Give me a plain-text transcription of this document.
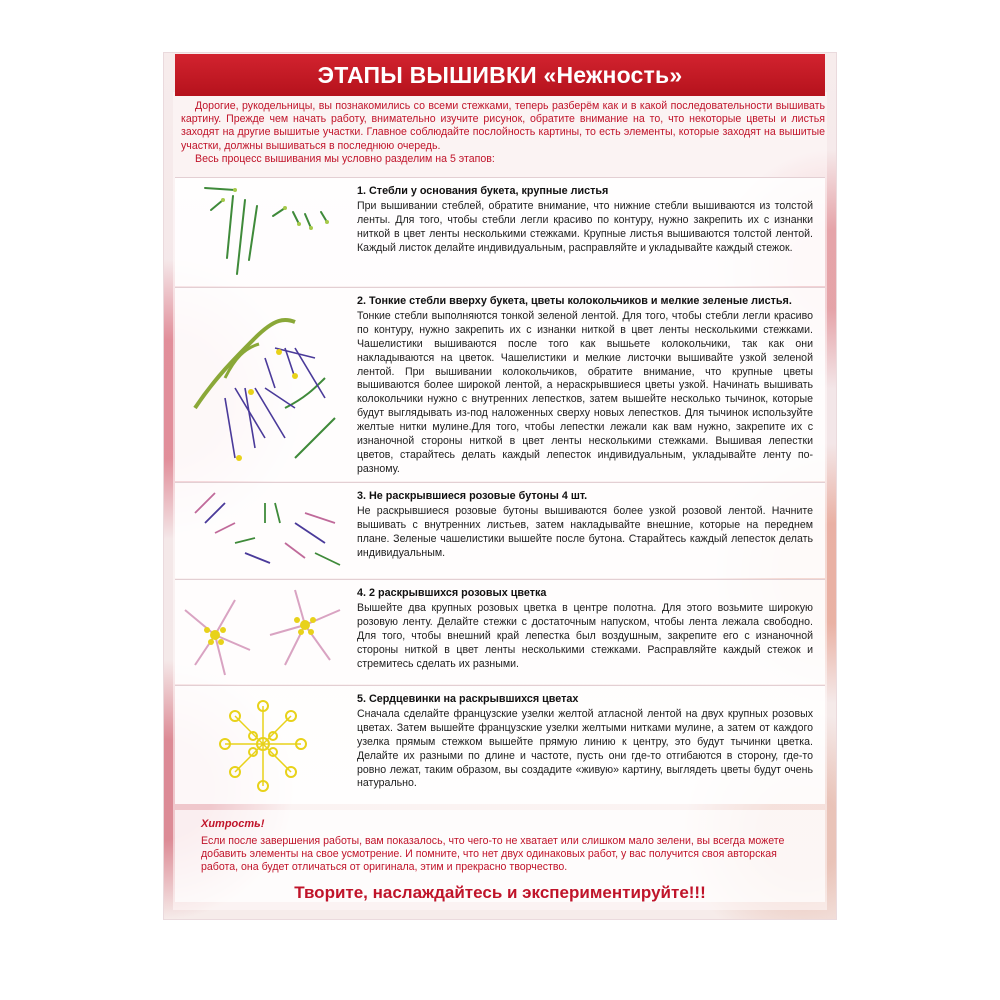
ЭТАПЫ ВЫШИВКИ «Нежность»

Дорогие, рукодельницы, вы познакомились со всеми стежками, теперь разберём как и в какой последовательности вышивать картину. Прежде чем начать работу, внимательно изучите рисунок, обратите внимание на то, что некоторые цветы и листья заходят на другие вышитые участки. Главное соблюдайте послойность картины, то есть элементы, которые заходят на вышитые участки, должны вышиваться в последнюю очередь.

Весь процесс вышивания мы условно разделим на 5 этапов:

1. Стебли у основания букета, крупные листья

При вышивании стеблей, обратите внимание, что нижние стебли вышиваются из толстой ленты. Для того, чтобы стебли легли красиво по контуру, нужно закрепить их с изнанки ниткой в цвет ленты несколькими стежками. Крупные листья вышиваются толстой лентой. Каждый листок делайте индивидуальным, расправляйте и укладывайте каждый стежок.

2. Тонкие стебли вверху букета, цветы колокольчиков и мелкие зеленые листья.

Тонкие стебли выполняются тонкой зеленой лентой. Для того, чтобы стебли легли красиво по контуру, нужно закрепить их с изнанки ниткой в цвет ленты несколькими стежками. Чашелистики вышиваются после того как вышьете колокольчики, так как они накладываются на цветок. Чашелистики и мелкие листочки вышивайте узкой зеленой лентой. При вышивании колокольчиков, обратите внимание, что крупные цветы вышиваются более широкой лентой, а нераскрывшиеся цветы узкой. Начинать вышивать колокольчики нужно с внутренних лепестков, затем вышейте несколько тычинок, которые будут выглядывать из-под наложенных сверху новых лепестков. Для тычинок используйте желтые нитки мулине.Для того, чтобы лепестки лежали как вам нужно, закрепите их с изнаночной стороны ниткой в цвет ленты несколькими стежками. Вышивая лепестки цветов, старайтесь делать каждый лепесток индивидуальным, укладывайте ленту по-разному.

3. Не раскрывшиеся розовые бутоны 4 шт.

Не раскрывшиеся розовые бутоны вышиваются более узкой розовой лентой. Начните вышивать с внутренних листьев, затем накладывайте внешние, которые на переднем плане. Зеленые чашелистики вышейте после бутона. Старайтесь каждый лепесток делать индивидуальным.

4. 2 раскрывшихся розовых цветка

Вышейте два крупных розовых цветка в центре полотна. Для этого возьмите широкую розовую ленту. Делайте стежки с достаточным напуском, чтобы лента лежала свободно. Для того, чтобы внешний край лепестка был воздушным, закрепите его с изнаночной стороны ниткой в цвет ленты несколькими стежками. Расправляйте каждый стежок и стремитесь сделать их разными.

5. Сердцевинки на раскрывшихся цветах

Сначала сделайте французские узелки желтой атласной лентой на двух крупных розовых цветах. Затем вышейте французские узелки желтыми нитками мулине, а затем от каждого узелка прямым стежком вышейте прямую линию к центру, это будут тычинки цветка. Делайте их разными по длине и частоте, пусть они где-то отгибаются в сторону, где-то ровно лежат, таким образом, вы создадите «живую» картину, выглядеть цветы будут очень натурально.

Хитрость!

Если после завершения работы, вам показалось, что чего-то не хватает или слишком мало зелени, вы всегда можете добавить элементы на свое усмотрение. И помните, что нет двух одинаковых работ, у вас получится своя авторская работа, она будет отличаться от оригинала, этим и прекрасно творчество.

Творите, наслаждайтесь и экспериментируйте!!!
